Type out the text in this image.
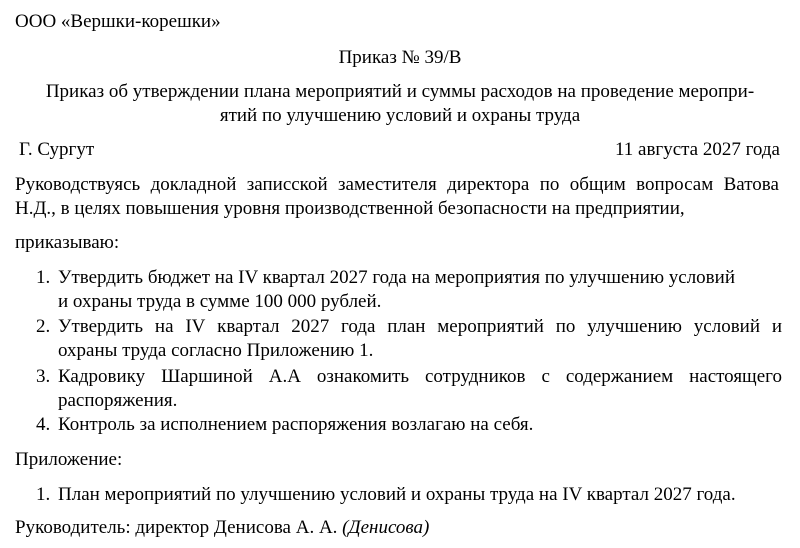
ООО «Вершки-корешки»
Приказ № 39/В
Приказ об утверждении плана мероприятий и суммы расходов на проведение меропри-
ятий по улучшению условий и охраны труда
Г. Сургут	11 августа 2027 года
Руководствуясь докладной записской заместителя директора по общим вопросам Ватова
Н.Д., в целях повышения уровня производственной безопасности на предприятии,
приказываю:
1. Утвердить бюджет на IV квартал 2027 года на мероприятия по улучшению условий
и охраны труда в сумме 100 000 рублей.
2. Утвердить на IV квартал 2027 года план мероприятий по улучшению условий и
охраны труда согласно Приложению 1.
3. Кадровику Шаршиной А.А ознакомить сотрудников с содержанием настоящего
распоряжения.
4. Контроль за исполнением распоряжения возлагаю на себя.
Приложение:
1. План мероприятий по улучшению условий и охраны труда на IV квартал 2027 года.
Руководитель: директор Денисова А. А. (Денисова)
